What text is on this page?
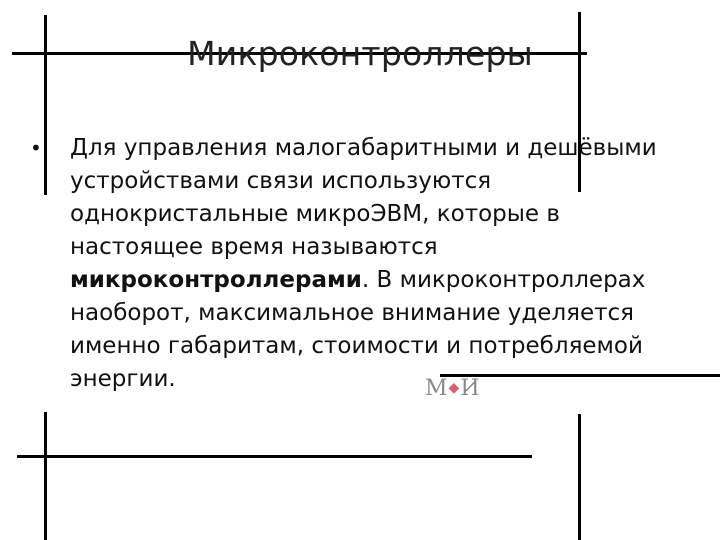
Микроконтроллеры
• Для управления малогабаритными и дешёвыми устройствами связи используются однокристальные микроЭВМ, которые в настоящее время называются микроконтроллерами. В микроконтроллерах наоборот, максимальное внимание уделяется именно габаритам, стоимости и потребляемой энергии.	М◆И
